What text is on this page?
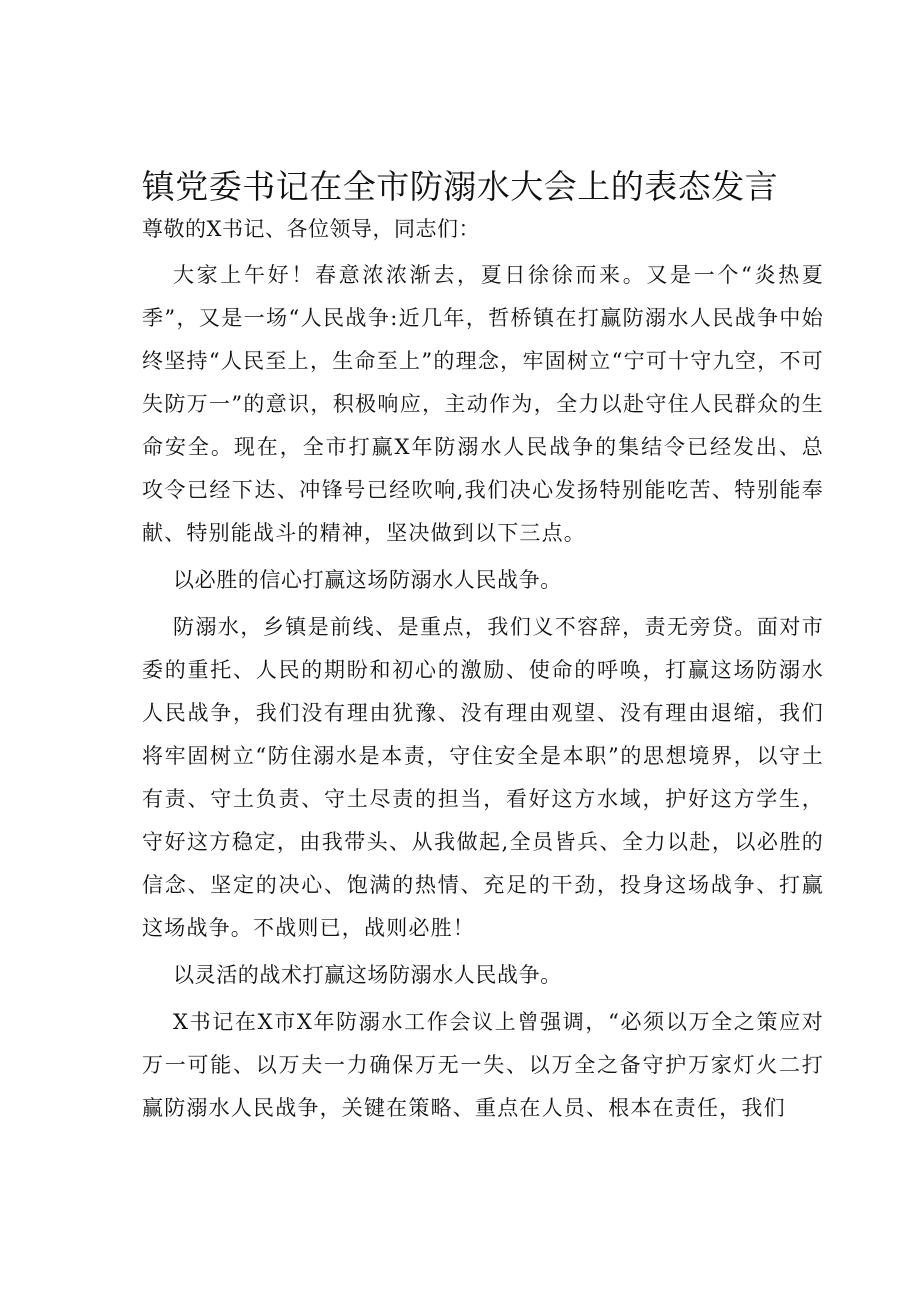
镇党委书记在全市防溺水大会上的表态发言

尊敬的X书记、各位领导，同志们：

大家上午好！春意浓浓渐去，夏日徐徐而来。又是一个“炎热夏季”，又是一场“人民战争:近几年，哲桥镇在打赢防溺水人民战争中始终坚持“人民至上，生命至上”的理念，牢固树立“宁可十守九空，不可失防万一”的意识，积极响应，主动作为，全力以赴守住人民群众的生命安全。现在，全市打赢X年防溺水人民战争的集结令已经发出、总攻令已经下达、冲锋号已经吹响,我们决心发扬特别能吃苦、特别能奉献、特别能战斗的精神，坚决做到以下三点。

以必胜的信心打赢这场防溺水人民战争。

防溺水，乡镇是前线、是重点，我们义不容辞，责无旁贷。面对市委的重托、人民的期盼和初心的激励、使命的呼唤，打赢这场防溺水人民战争，我们没有理由犹豫、没有理由观望、没有理由退缩，我们将牢固树立“防住溺水是本责，守住安全是本职”的思想境界，以守土有责、守土负责、守土尽责的担当，看好这方水域，护好这方学生，守好这方稳定，由我带头、从我做起,全员皆兵、全力以赴，以必胜的信念、坚定的决心、饱满的热情、充足的干劲，投身这场战争、打赢这场战争。不战则已，战则必胜！

以灵活的战术打赢这场防溺水人民战争。

X书记在X市X年防溺水工作会议上曾强调，“必须以万全之策应对万一可能、以万夫一力确保万无一失、以万全之备守护万家灯火二打赢防溺水人民战争，关键在策略、重点在人员、根本在责任，我们
